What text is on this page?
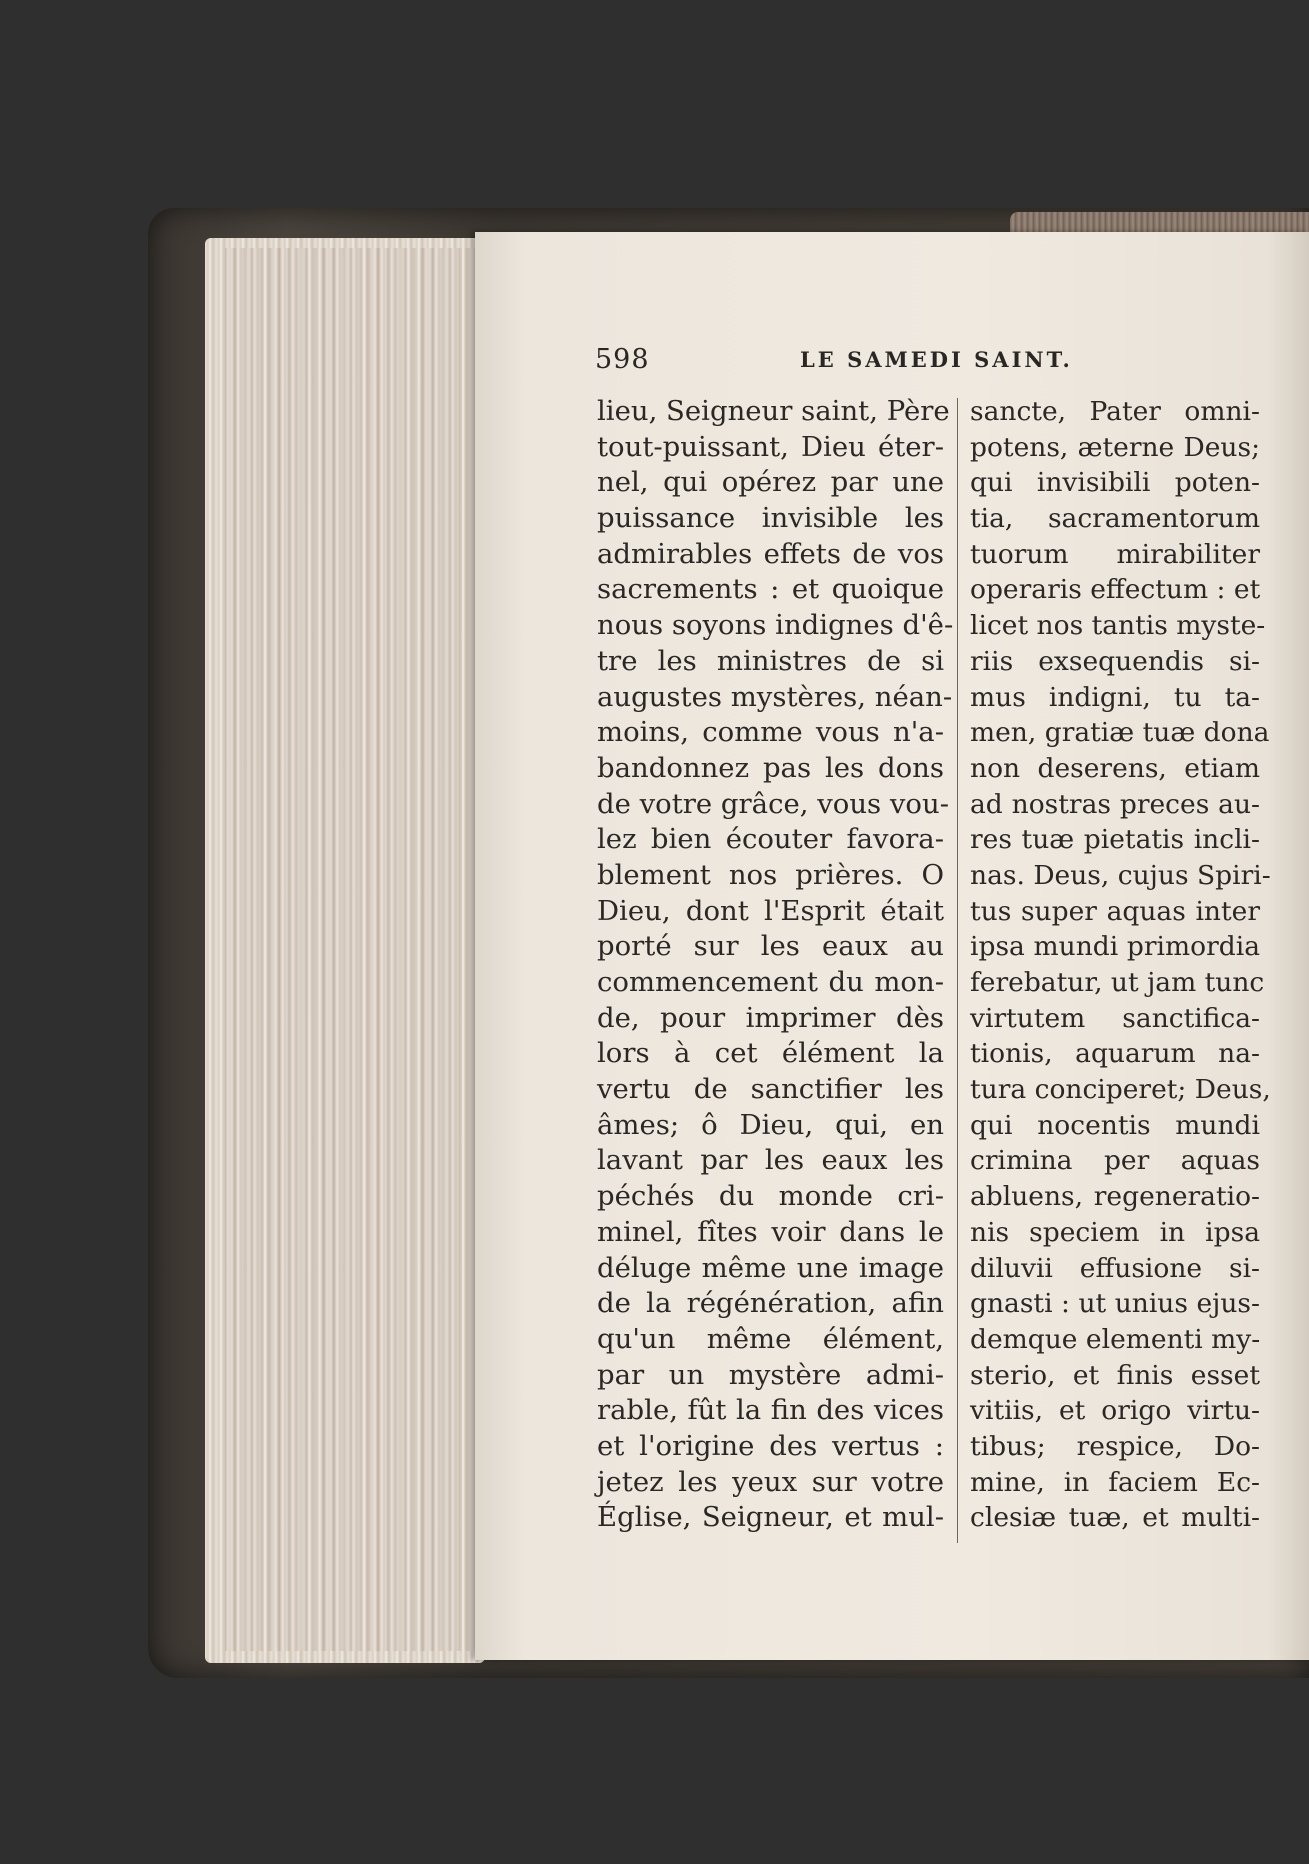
598	LE SAMEDI SAINT.
lieu, Seigneur saint, Père
tout-puissant, Dieu éter-
nel, qui opérez par une
puissance invisible les
admirables effets de vos
sacrements : et quoique
nous soyons indignes d'ê-
tre les ministres de si
augustes mystères, néan-
moins, comme vous n'a-
bandonnez pas les dons
de votre grâce, vous vou-
lez bien écouter favora-
blement nos prières. O
Dieu, dont l'Esprit était
porté sur les eaux au
commencement du mon-
de, pour imprimer dès
lors à cet élément la
vertu de sanctifier les
âmes; ô Dieu, qui, en
lavant par les eaux les
péchés du monde cri-
minel, fîtes voir dans le
déluge même une image
de la régénération, afin
qu'un même élément,
par un mystère admi-
rable, fût la fin des vices
et l'origine des vertus :
jetez les yeux sur votre
Église, Seigneur, et mul-
sancte, Pater omni-
potens, æterne Deus;
qui invisibili poten-
tia, sacramentorum
tuorum mirabiliter
operaris effectum : et
licet nos tantis myste-
riis exsequendis si-
mus indigni, tu ta-
men, gratiæ tuæ dona
non deserens, etiam
ad nostras preces au-
res tuæ pietatis incli-
nas. Deus, cujus Spiri-
tus super aquas inter
ipsa mundi primordia
ferebatur, ut jam tunc
virtutem sanctifica-
tionis, aquarum na-
tura conciperet; Deus,
qui nocentis mundi
crimina per aquas
abluens, regeneratio-
nis speciem in ipsa
diluvii effusione si-
gnasti : ut unius ejus-
demque elementi my-
sterio, et finis esset
vitiis, et origo virtu-
tibus; respice, Do-
mine, in faciem Ec-
clesiæ tuæ, et multi-
